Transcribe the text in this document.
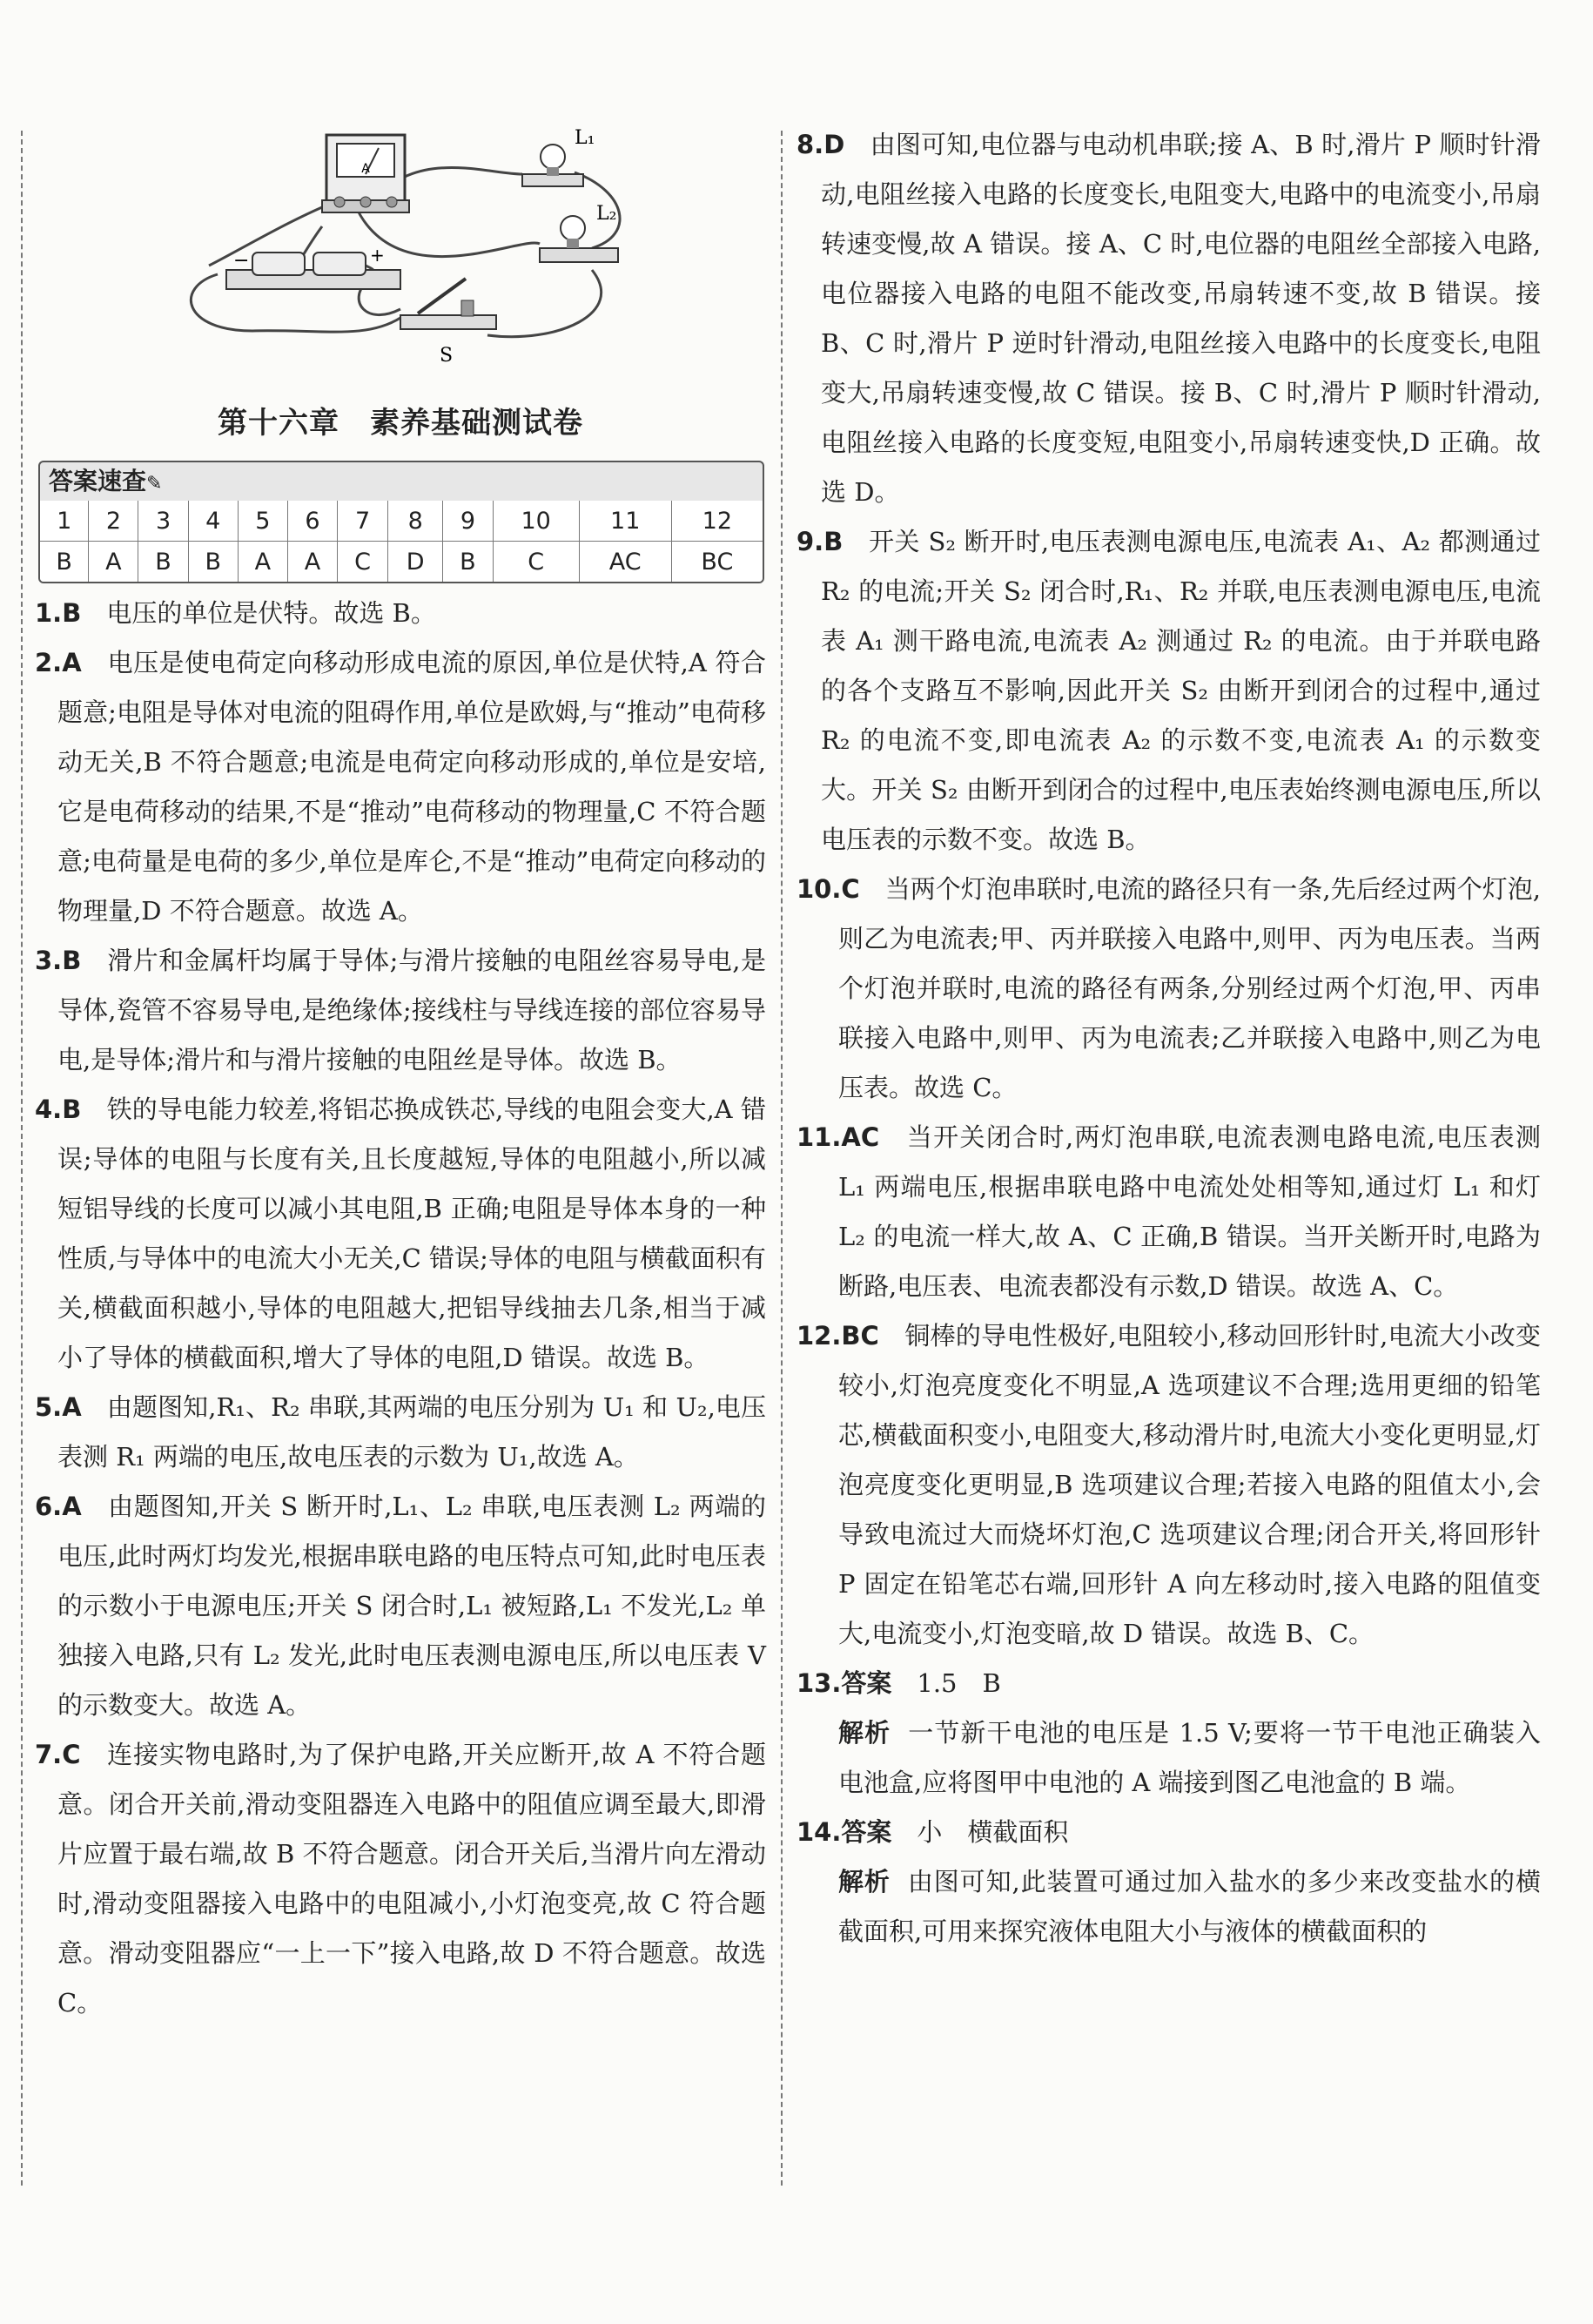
A
L₁
L₂
−	+
S
第十六章　素养基础测试卷
答案速查✎
1	2	3	4	5	6	7	8	9	10	11	12
B	A	B	B	A	A	C	D	B	C	AC	BC
1.B　 电压的单位是伏特。故选 B。
2.A　 电压是使电荷定向移动形成电流的原因,单位是伏特,A 符合题意;电阻是导体对电流的阻碍作用,单位是欧姆,与“推动”电荷移动无关,B 不符合题意;电流是电荷定向移动形成的,单位是安培,它是电荷移动的结果,不是“推动”电荷移动的物理量,C 不符合题意;电荷量是电荷的多少,单位是库仑,不是“推动”电荷定向移动的物理量,D 不符合题意。故选 A。
3.B　 滑片和金属杆均属于导体;与滑片接触的电阻丝容易导电,是导体,瓷管不容易导电,是绝缘体;接线柱与导线连接的部位容易导电,是导体;滑片和与滑片接触的电阻丝是导体。故选 B。
4.B　 铁的导电能力较差,将铝芯换成铁芯,导线的电阻会变大,A 错误;导体的电阻与长度有关,且长度越短,导体的电阻越小,所以减短铝导线的长度可以减小其电阻,B 正确;电阻是导体本身的一种性质,与导体中的电流大小无关,C 错误;导体的电阻与横截面积有关,横截面积越小,导体的电阻越大,把铝导线抽去几条,相当于减小了导体的横截面积,增大了导体的电阻,D 错误。故选 B。
5.A　 由题图知,R₁、R₂ 串联,其两端的电压分别为 U₁ 和 U₂,电压表测 R₁ 两端的电压,故电压表的示数为 U₁,故选 A。
6.A　 由题图知,开关 S 断开时,L₁、L₂ 串联,电压表测 L₂ 两端的电压,此时两灯均发光,根据串联电路的电压特点可知,此时电压表的示数小于电源电压;开关 S 闭合时,L₁ 被短路,L₁ 不发光,L₂ 单独接入电路,只有 L₂ 发光,此时电压表测电源电压,所以电压表 V 的示数变大。故选 A。
7.C　 连接实物电路时,为了保护电路,开关应断开,故 A 不符合题意。闭合开关前,滑动变阻器连入电路中的阻值应调至最大,即滑片应置于最右端,故 B 不符合题意。闭合开关后,当滑片向左滑动时,滑动变阻器接入电路中的电阻减小,小灯泡变亮,故 C 符合题意。滑动变阻器应“一上一下”接入电路,故 D 不符合题意。故选 C。
8.D　 由图可知,电位器与电动机串联;接 A、B 时,滑片 P 顺时针滑动,电阻丝接入电路的长度变长,电阻变大,电路中的电流变小,吊扇转速变慢,故 A 错误。接 A、C 时,电位器的电阻丝全部接入电路,电位器接入电路的电阻不能改变,吊扇转速不变,故 B 错误。接 B、C 时,滑片 P 逆时针滑动,电阻丝接入电路中的长度变长,电阻变大,吊扇转速变慢,故 C 错误。接 B、C 时,滑片 P 顺时针滑动,电阻丝接入电路的长度变短,电阻变小,吊扇转速变快,D 正确。故选 D。
9.B　 开关 S₂ 断开时,电压表测电源电压,电流表 A₁、A₂ 都测通过 R₂ 的电流;开关 S₂ 闭合时,R₁、R₂ 并联,电压表测电源电压,电流表 A₁ 测干路电流,电流表 A₂ 测通过 R₂ 的电流。由于并联电路的各个支路互不影响,因此开关 S₂ 由断开到闭合的过程中,通过 R₂ 的电流不变,即电流表 A₂ 的示数不变,电流表 A₁ 的示数变大。开关 S₂ 由断开到闭合的过程中,电压表始终测电源电压,所以电压表的示数不变。故选 B。
10.C　 当两个灯泡串联时,电流的路径只有一条,先后经过两个灯泡,则乙为电流表;甲、丙并联接入电路中,则甲、丙为电压表。当两个灯泡并联时,电流的路径有两条,分别经过两个灯泡,甲、丙串联接入电路中,则甲、丙为电流表;乙并联接入电路中,则乙为电压表。故选 C。
11.AC　 当开关闭合时,两灯泡串联,电流表测电路电流,电压表测 L₁ 两端电压,根据串联电路中电流处处相等知,通过灯 L₁ 和灯 L₂ 的电流一样大,故 A、C 正确,B 错误。当开关断开时,电路为断路,电压表、电流表都没有示数,D 错误。故选 A、C。
12.BC　 铜棒的导电性极好,电阻较小,移动回形针时,电流大小改变较小,灯泡亮度变化不明显,A 选项建议不合理;选用更细的铅笔芯,横截面积变小,电阻变大,移动滑片时,电流大小变化更明显,灯泡亮度变化更明显,B 选项建议合理;若接入电路的阻值太小,会导致电流过大而烧坏灯泡,C 选项建议合理;闭合开关,将回形针 P 固定在铅笔芯右端,回形针 A 向左移动时,接入电路的阻值变大,电流变小,灯泡变暗,故 D 错误。故选 B、C。
13.答案　 1.5　B
解析 一节新干电池的电压是 1.5 V;要将一节干电池正确装入电池盒,应将图甲中电池的 A 端接到图乙电池盒的 B 端。
14.答案　 小　横截面积
解析 由图可知,此装置可通过加入盐水的多少来改变盐水的横截面积,可用来探究液体电阻大小与液体的横截面积的
